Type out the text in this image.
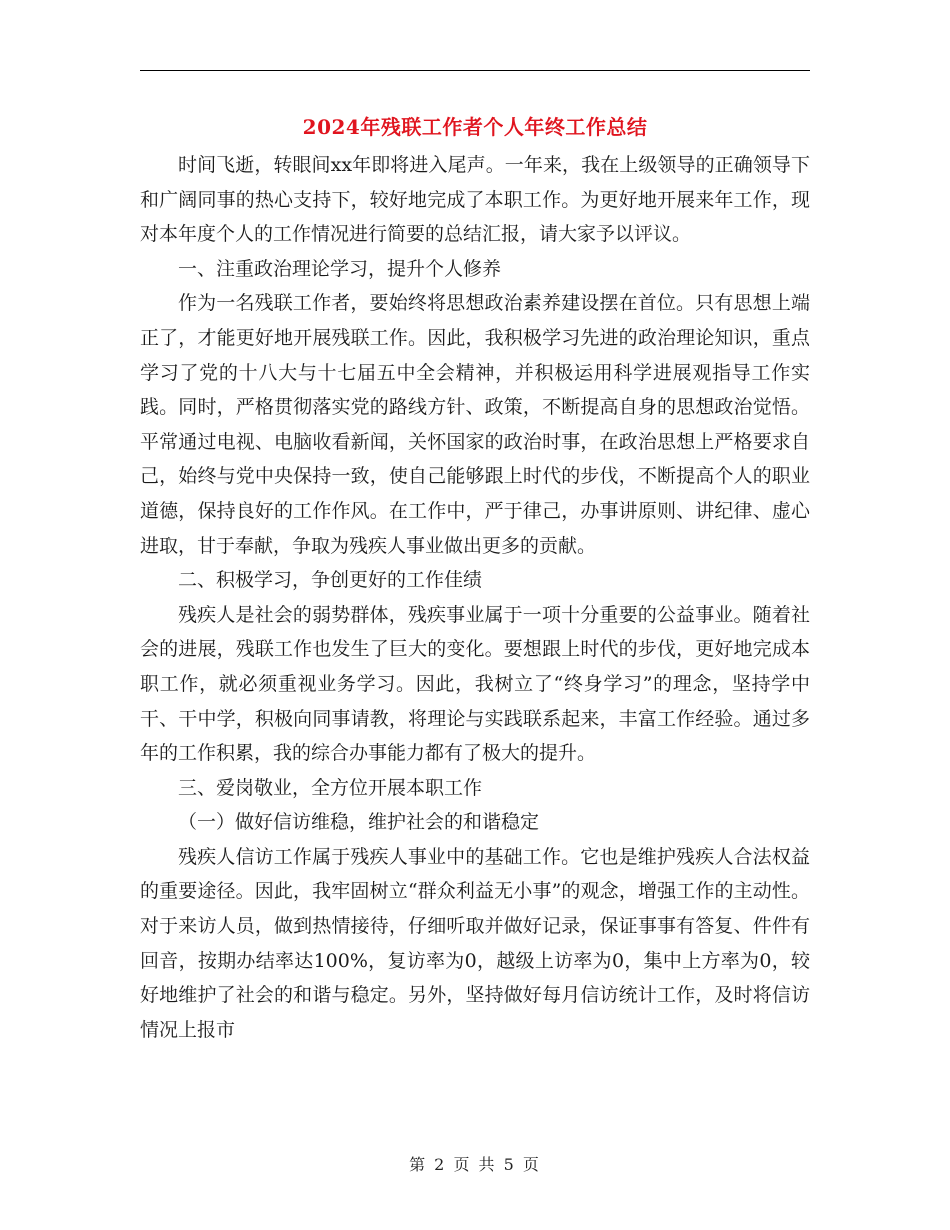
2024年残联工作者个人年终工作总结

时间飞逝，转眼间xx年即将进入尾声。一年来，我在上级领导的正确领导下和广阔同事的热心支持下，较好地完成了本职工作。为更好地开展来年工作，现对本年度个人的工作情况进行简要的总结汇报，请大家予以评议。

一、注重政治理论学习，提升个人修养

作为一名残联工作者，要始终将思想政治素养建设摆在首位。只有思想上端正了，才能更好地开展残联工作。因此，我积极学习先进的政治理论知识，重点学习了党的十八大与十七届五中全会精神，并积极运用科学进展观指导工作实践。同时，严格贯彻落实党的路线方针、政策，不断提高自身的思想政治觉悟。平常通过电视、电脑收看新闻，关怀国家的政治时事，在政治思想上严格要求自己，始终与党中央保持一致，使自己能够跟上时代的步伐，不断提高个人的职业道德，保持良好的工作作风。在工作中，严于律己，办事讲原则、讲纪律、虚心进取，甘于奉献，争取为残疾人事业做出更多的贡献。

二、积极学习，争创更好的工作佳绩

残疾人是社会的弱势群体，残疾事业属于一项十分重要的公益事业。随着社会的进展，残联工作也发生了巨大的变化。要想跟上时代的步伐，更好地完成本职工作，就必须重视业务学习。因此，我树立了“终身学习”的理念，坚持学中干、干中学，积极向同事请教，将理论与实践联系起来，丰富工作经验。通过多年的工作积累，我的综合办事能力都有了极大的提升。

三、爱岗敬业，全方位开展本职工作

（一）做好信访维稳，维护社会的和谐稳定

残疾人信访工作属于残疾人事业中的基础工作。它也是维护残疾人合法权益的重要途径。因此，我牢固树立“群众利益无小事”的观念，增强工作的主动性。对于来访人员，做到热情接待，仔细听取并做好记录，保证事事有答复、件件有回音，按期办结率达100%，复访率为0，越级上访率为0，集中上方率为0，较好地维护了社会的和谐与稳定。另外，坚持做好每月信访统计工作，及时将信访情况上报市

第 2 页 共 5 页
